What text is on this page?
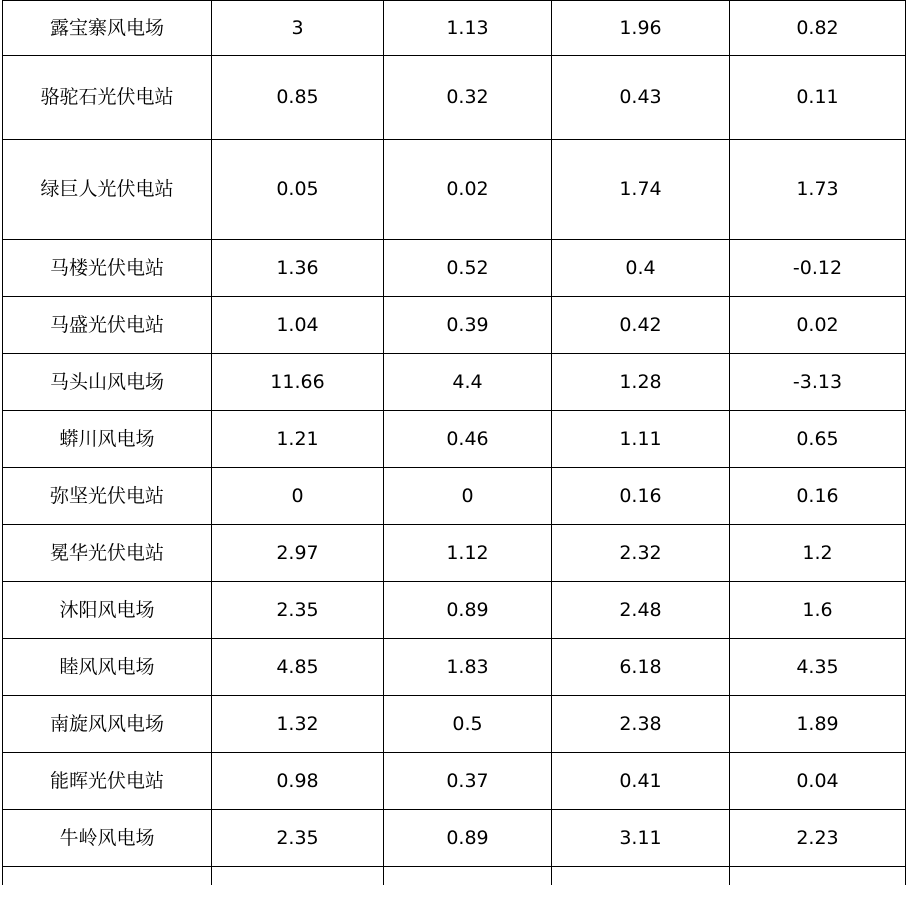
露宝寨风电场	3	1.13	1.96	0.82
骆驼石光伏电站	0.85	0.32	0.43	0.11
绿巨人光伏电站	0.05	0.02	1.74	1.73
马楼光伏电站	1.36	0.52	0.4	-0.12
马盛光伏电站	1.04	0.39	0.42	0.02
马头山风电场	11.66	4.4	1.28	-3.13
蟒川风电场	1.21	0.46	1.11	0.65
弥坚光伏电站	0	0	0.16	0.16
冕华光伏电站	2.97	1.12	2.32	1.2
沐阳风电场	2.35	0.89	2.48	1.6
睦风风电场	4.85	1.83	6.18	4.35
南旋风风电场	1.32	0.5	2.38	1.89
能晖光伏电站	0.98	0.37	0.41	0.04
牛岭风电场	2.35	0.89	3.11	2.23
